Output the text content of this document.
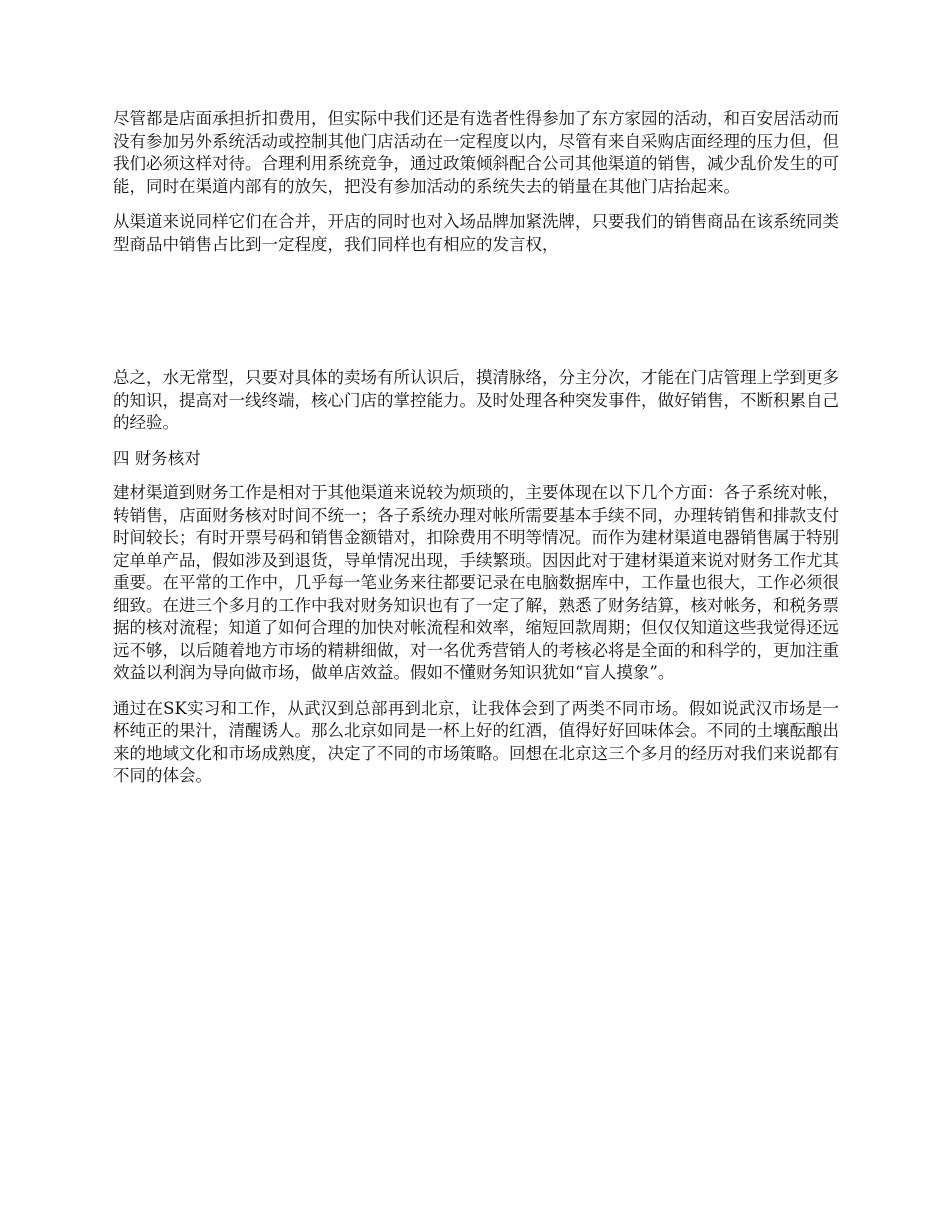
尽管都是店面承担折扣费用，但实际中我们还是有选者性得参加了东方家园的活动，和百安居活动而没有参加另外系统活动或控制其他门店活动在一定程度以内，尽管有来自采购店面经理的压力但，但我们必须这样对待。合理利用系统竞争，通过政策倾斜配合公司其他渠道的销售，减少乱价发生的可能，同时在渠道内部有的放矢，把没有参加活动的系统失去的销量在其他门店抬起来。

从渠道来说同样它们在合并，开店的同时也对入场品牌加紧洗牌，只要我们的销售商品在该系统同类型商品中销售占比到一定程度，我们同样也有相应的发言权，

总之，水无常型，只要对具体的卖场有所认识后，摸清脉络，分主分次，才能在门店管理上学到更多的知识，提高对一线终端，核心门店的掌控能力。及时处理各种突发事件，做好销售，不断积累自己的经验。

四 财务核对

建材渠道到财务工作是相对于其他渠道来说较为烦琐的，主要体现在以下几个方面：各子系统对帐，转销售，店面财务核对时间不统一；各子系统办理对帐所需要基本手续不同，办理转销售和排款支付时间较长；有时开票号码和销售金额错对，扣除费用不明等情况。而作为建材渠道电器销售属于特别定单单产品，假如涉及到退货，导单情况出现，手续繁琐。因因此对于建材渠道来说对财务工作尤其重要。在平常的工作中，几乎每一笔业务来往都要记录在电脑数据库中，工作量也很大，工作必须很细致。在进三个多月的工作中我对财务知识也有了一定了解，熟悉了财务结算，核对帐务，和税务票据的核对流程；知道了如何合理的加快对帐流程和效率，缩短回款周期；但仅仅知道这些我觉得还远远不够，以后随着地方市场的精耕细做，对一名优秀营销人的考核必将是全面的和科学的，更加注重效益以利润为导向做市场，做单店效益。假如不懂财务知识犹如“盲人摸象”。

通过在SK实习和工作，从武汉到总部再到北京，让我体会到了两类不同市场。假如说武汉市场是一杯纯正的果汁，清醒诱人。那么北京如同是一杯上好的红酒，值得好好回味体会。不同的土壤酝酿出来的地域文化和市场成熟度，决定了不同的市场策略。回想在北京这三个多月的经历对我们来说都有不同的体会。
